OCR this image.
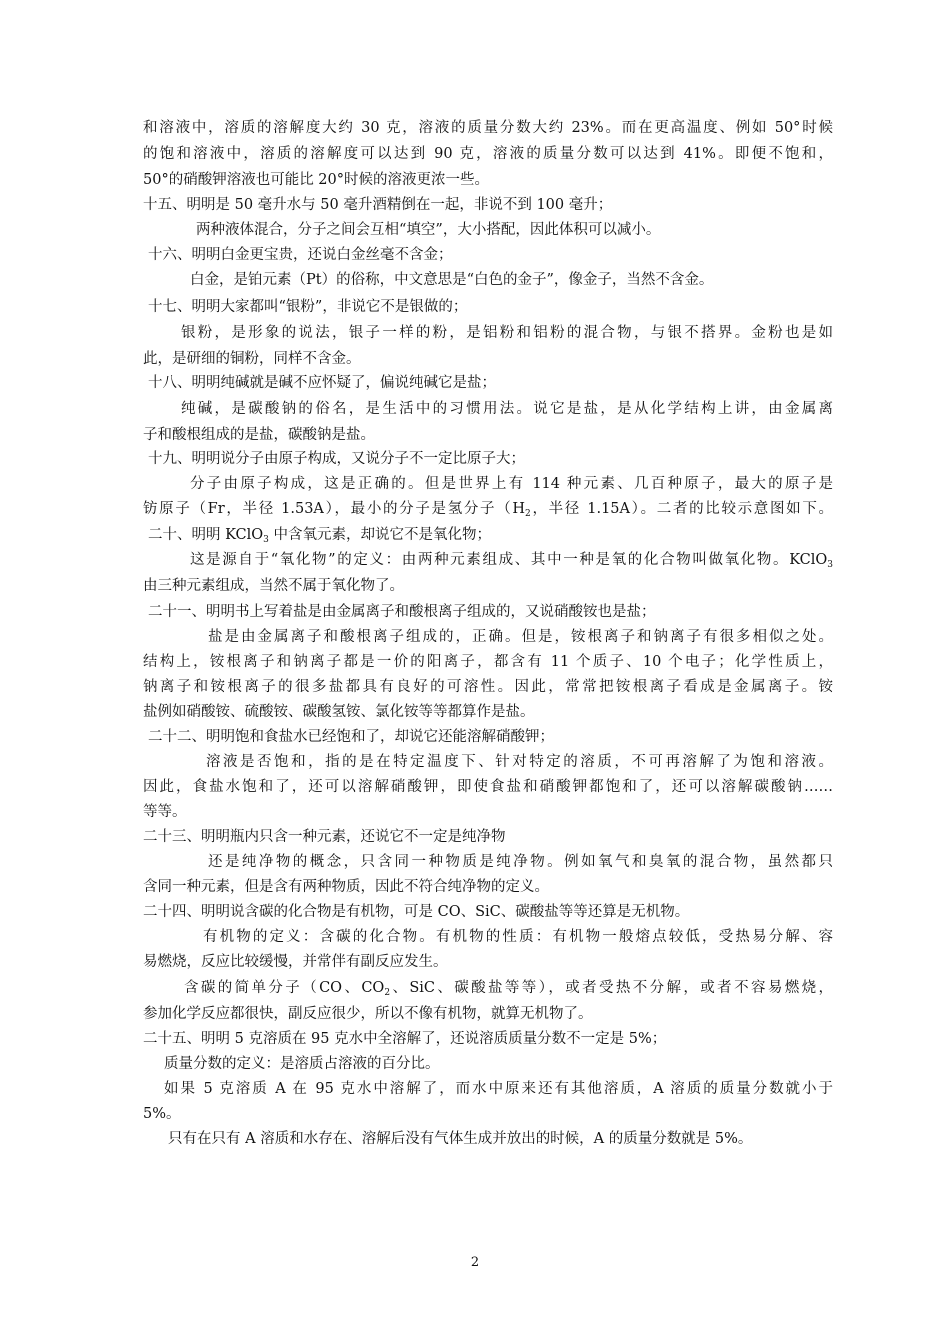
和溶液中，溶质的溶解度大约 30 克，溶液的质量分数大约 23%。而在更高温度、例如 50°时候
的饱和溶液中，溶质的溶解度可以达到 90 克，溶液的质量分数可以达到 41%。即便不饱和，
50°的硝酸钾溶液也可能比 20°时候的溶液更浓一些。
十五、明明是 50 毫升水与 50 毫升酒精倒在一起，非说不到 100 毫升；
两种液体混合，分子之间会互相“填空”，大小搭配，因此体积可以减小。
十六、明明白金更宝贵，还说白金丝毫不含金；
白金，是铂元素（Pt）的俗称，中文意思是“白色的金子”，像金子，当然不含金。
十七、明明大家都叫“银粉”，非说它不是银做的；
银粉，是形象的说法，银子一样的粉，是铝粉和铝粉的混合物，与银不搭界。金粉也是如
此，是研细的铜粉，同样不含金。
十八、明明纯碱就是碱不应怀疑了，偏说纯碱它是盐；
纯碱，是碳酸钠的俗名，是生活中的习惯用法。说它是盐，是从化学结构上讲，由金属离
子和酸根组成的是盐，碳酸钠是盐。
十九、明明说分子由原子构成，又说分子不一定比原子大；
分子由原子构成，这是正确的。但是世界上有 114 种元素、几百种原子，最大的原子是
钫原子（Fr，半径 1.53A），最小的分子是氢分子（$H_2$，半径 1.15A）。二者的比较示意图如下。
二十、明明 KClO$_3$ 中含氧元素，却说它不是氧化物；
这是源自于“氧化物”的定义：由两种元素组成、其中一种是氧的化合物叫做氧化物。KClO$_3$
由三种元素组成，当然不属于氧化物了。
二十一、明明书上写着盐是由金属离子和酸根离子组成的，又说硝酸铵也是盐；
盐是由金属离子和酸根离子组成的，正确。但是，铵根离子和钠离子有很多相似之处。
结构上，铵根离子和钠离子都是一价的阳离子，都含有 11 个质子、10 个电子；化学性质上，
钠离子和铵根离子的很多盐都具有良好的可溶性。因此，常常把铵根离子看成是金属离子。铵
盐例如硝酸铵、硫酸铵、碳酸氢铵、氯化铵等等都算作是盐。
二十二、明明饱和食盐水已经饱和了，却说它还能溶解硝酸钾；
溶液是否饱和，指的是在特定温度下、针对特定的溶质，不可再溶解了为饱和溶液。
因此，食盐水饱和了，还可以溶解硝酸钾，即使食盐和硝酸钾都饱和了，还可以溶解碳酸钠……
等等。
二十三、明明瓶内只含一种元素，还说它不一定是纯净物
还是纯净物的概念，只含同一种物质是纯净物。例如氧气和臭氧的混合物，虽然都只
含同一种元素，但是含有两种物质，因此不符合纯净物的定义。
二十四、明明说含碳的化合物是有机物，可是 CO、SiC、碳酸盐等等还算是无机物。
有机物的定义：含碳的化合物。有机物的性质：有机物一般熔点较低，受热易分解、容
易燃烧，反应比较缓慢，并常伴有副反应发生。
含碳的简单分子（CO、$CO_2$、SiC、碳酸盐等等），或者受热不分解，或者不容易燃烧，
参加化学反应都很快，副反应很少，所以不像有机物，就算无机物了。
二十五、明明 5 克溶质在 95 克水中全溶解了，还说溶质质量分数不一定是 5%；
质量分数的定义：是溶质占溶液的百分比。
如果 5 克溶质 A 在 95 克水中溶解了，而水中原来还有其他溶质，A 溶质的质量分数就小于
5%。
只有在只有 A 溶质和水存在、溶解后没有气体生成并放出的时候，A 的质量分数就是 5%。
2
